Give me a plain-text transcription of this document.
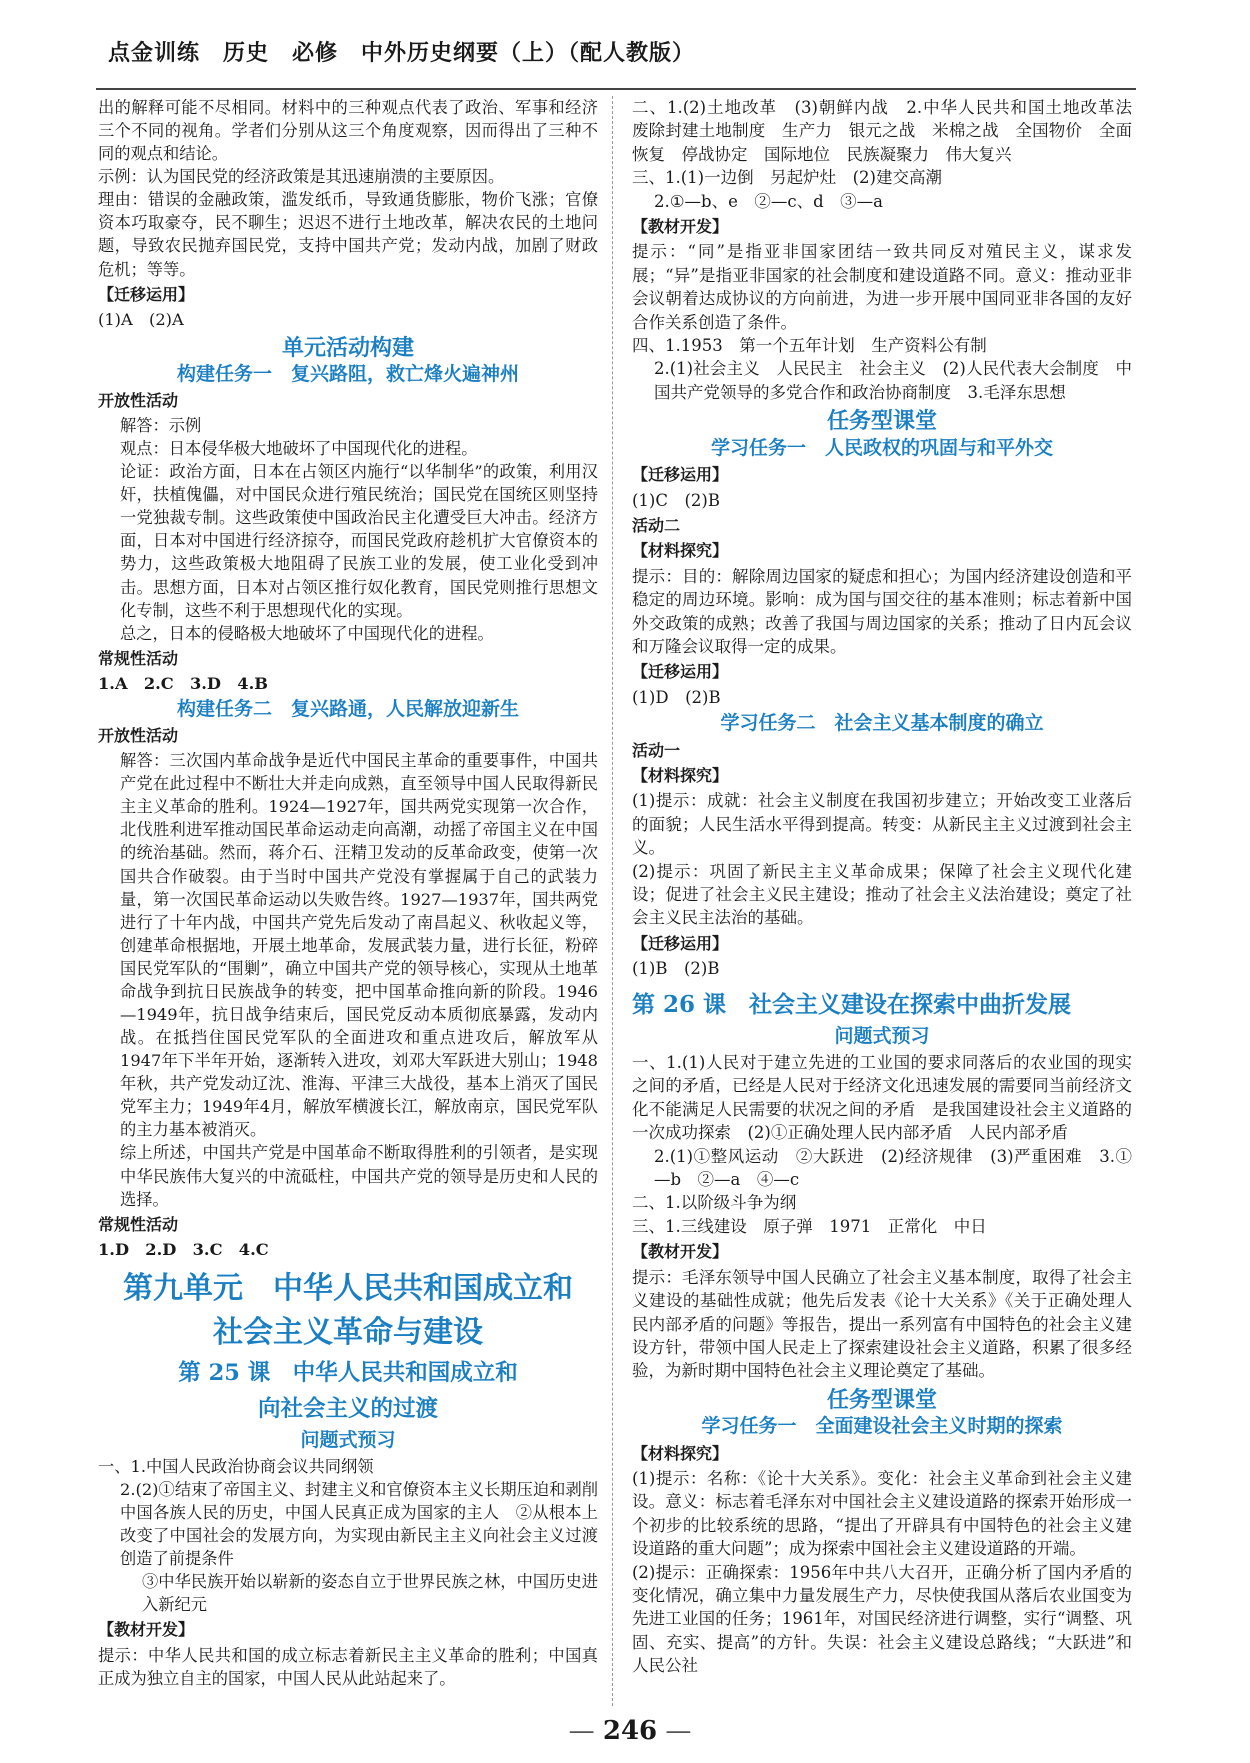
点金训练　历史　必修　中外历史纲要（上）（配人教版）

出的解释可能不尽相同。材料中的三种观点代表了政治、军事和经济三个不同的视角。学者们分别从这三个角度观察，因而得出了三种不同的观点和结论。

示例：认为国民党的经济政策是其迅速崩溃的主要原因。

理由：错误的金融政策，滥发纸币，导致通货膨胀，物价飞涨；官僚资本巧取豪夺，民不聊生；迟迟不进行土地改革，解决农民的土地问题，导致农民抛弃国民党，支持中国共产党；发动内战，加剧了财政危机；等等。

【迁移运用】

(1)A　(2)A

单元活动构建
构建任务一　复兴路阻，救亡烽火遍神州

开放性活动

解答：示例

观点：日本侵华极大地破坏了中国现代化的进程。

论证：政治方面，日本在占领区内施行“以华制华”的政策，利用汉奸，扶植傀儡，对中国民众进行殖民统治；国民党在国统区则坚持一党独裁专制。这些政策使中国政治民主化遭受巨大冲击。经济方面，日本对中国进行经济掠夺，而国民党政府趁机扩大官僚资本的势力，这些政策极大地阻碍了民族工业的发展，使工业化受到冲击。思想方面，日本对占领区推行奴化教育，国民党则推行思想文化专制，这些不利于思想现代化的实现。

总之，日本的侵略极大地破坏了中国现代化的进程。

常规性活动

1.A　2.C　3.D　4.B

构建任务二　复兴路通，人民解放迎新生

开放性活动

解答：三次国内革命战争是近代中国民主革命的重要事件，中国共产党在此过程中不断壮大并走向成熟，直至领导中国人民取得新民主主义革命的胜利。1924—1927年，国共两党实现第一次合作，北伐胜利进军推动国民革命运动走向高潮，动摇了帝国主义在中国的统治基础。然而，蒋介石、汪精卫发动的反革命政变，使第一次国共合作破裂。由于当时中国共产党没有掌握属于自己的武装力量，第一次国民革命运动以失败告终。1927—1937年，国共两党进行了十年内战，中国共产党先后发动了南昌起义、秋收起义等，创建革命根据地，开展土地革命，发展武装力量，进行长征，粉碎国民党军队的“围剿”，确立中国共产党的领导核心，实现从土地革命战争到抗日民族战争的转变，把中国革命推向新的阶段。1946—1949年，抗日战争结束后，国民党反动本质彻底暴露，发动内战。在抵挡住国民党军队的全面进攻和重点进攻后，解放军从1947年下半年开始，逐渐转入进攻，刘邓大军跃进大别山；1948年秋，共产党发动辽沈、淮海、平津三大战役，基本上消灭了国民党军主力；1949年4月，解放军横渡长江，解放南京，国民党军队的主力基本被消灭。

综上所述，中国共产党是中国革命不断取得胜利的引领者，是实现中华民族伟大复兴的中流砥柱，中国共产党的领导是历史和人民的选择。

常规性活动

1.D　2.D　3.C　4.C

第九单元　中华人民共和国成立和
社会主义革命与建设
第 25 课　中华人民共和国成立和
向社会主义的过渡
问题式预习

一、1.中国人民政治协商会议共同纲领

2.(2)①结束了帝国主义、封建主义和官僚资本主义长期压迫和剥削中国各族人民的历史，中国人民真正成为国家的主人　②从根本上改变了中国社会的发展方向，为实现由新民主主义向社会主义过渡创造了前提条件

③中华民族开始以崭新的姿态自立于世界民族之林，中国历史进入新纪元

【教材开发】

提示：中华人民共和国的成立标志着新民主主义革命的胜利；中国真正成为独立自主的国家，中国人民从此站起来了。

二、1.(2)土地改革　(3)朝鲜内战　2.中华人民共和国土地改革法　废除封建土地制度　生产力　银元之战　米棉之战　全国物价　全面恢复　停战协定　国际地位　民族凝聚力　伟大复兴

三、1.(1)一边倒　另起炉灶　(2)建交高潮

2.①—b、e　②—c、d　③—a

【教材开发】

提示：“同”是指亚非国家团结一致共同反对殖民主义，谋求发展；“异”是指亚非国家的社会制度和建设道路不同。意义：推动亚非会议朝着达成协议的方向前进，为进一步开展中国同亚非各国的友好合作关系创造了条件。

四、1.1953　第一个五年计划　生产资料公有制

2.(1)社会主义　人民民主　社会主义　(2)人民代表大会制度　中国共产党领导的多党合作和政治协商制度　3.毛泽东思想

任务型课堂
学习任务一　人民政权的巩固与和平外交

【迁移运用】

(1)C　(2)B

活动二

【材料探究】

提示：目的：解除周边国家的疑虑和担心；为国内经济建设创造和平稳定的周边环境。影响：成为国与国交往的基本准则；标志着新中国外交政策的成熟；改善了我国与周边国家的关系；推动了日内瓦会议和万隆会议取得一定的成果。

【迁移运用】

(1)D　(2)B

学习任务二　社会主义基本制度的确立

活动一

【材料探究】

(1)提示：成就：社会主义制度在我国初步建立；开始改变工业落后的面貌；人民生活水平得到提高。转变：从新民主主义过渡到社会主义。

(2)提示：巩固了新民主主义革命成果；保障了社会主义现代化建设；促进了社会主义民主建设；推动了社会主义法治建设；奠定了社会主义民主法治的基础。

【迁移运用】

(1)B　(2)B

第 26 课　社会主义建设在探索中曲折发展
问题式预习

一、1.(1)人民对于建立先进的工业国的要求同落后的农业国的现实之间的矛盾，已经是人民对于经济文化迅速发展的需要同当前经济文化不能满足人民需要的状况之间的矛盾　是我国建设社会主义道路的一次成功探索　(2)①正确处理人民内部矛盾　人民内部矛盾

2.(1)①整风运动　②大跃进　(2)经济规律　(3)严重困难　3.①—b　②—a　④—c

二、1.以阶级斗争为纲

三、1.三线建设　原子弹　1971　正常化　中日

【教材开发】

提示：毛泽东领导中国人民确立了社会主义基本制度，取得了社会主义建设的基础性成就；他先后发表《论十大关系》《关于正确处理人民内部矛盾的问题》等报告，提出一系列富有中国特色的社会主义建设方针，带领中国人民走上了探索建设社会主义道路，积累了很多经验，为新时期中国特色社会主义理论奠定了基础。

任务型课堂
学习任务一　全面建设社会主义时期的探索

【材料探究】

(1)提示：名称：《论十大关系》。变化：社会主义革命到社会主义建设。意义：标志着毛泽东对中国社会主义建设道路的探索开始形成一个初步的比较系统的思路，“提出了开辟具有中国特色的社会主义建设道路的重大问题”；成为探索中国社会主义建设道路的开端。

(2)提示：正确探索：1956年中共八大召开，正确分析了国内矛盾的变化情况，确立集中力量发展生产力，尽快使我国从落后农业国变为先进工业国的任务；1961年，对国民经济进行调整，实行“调整、巩固、充实、提高”的方针。失误：社会主义建设总路线；“大跃进”和人民公社

— 246 —
